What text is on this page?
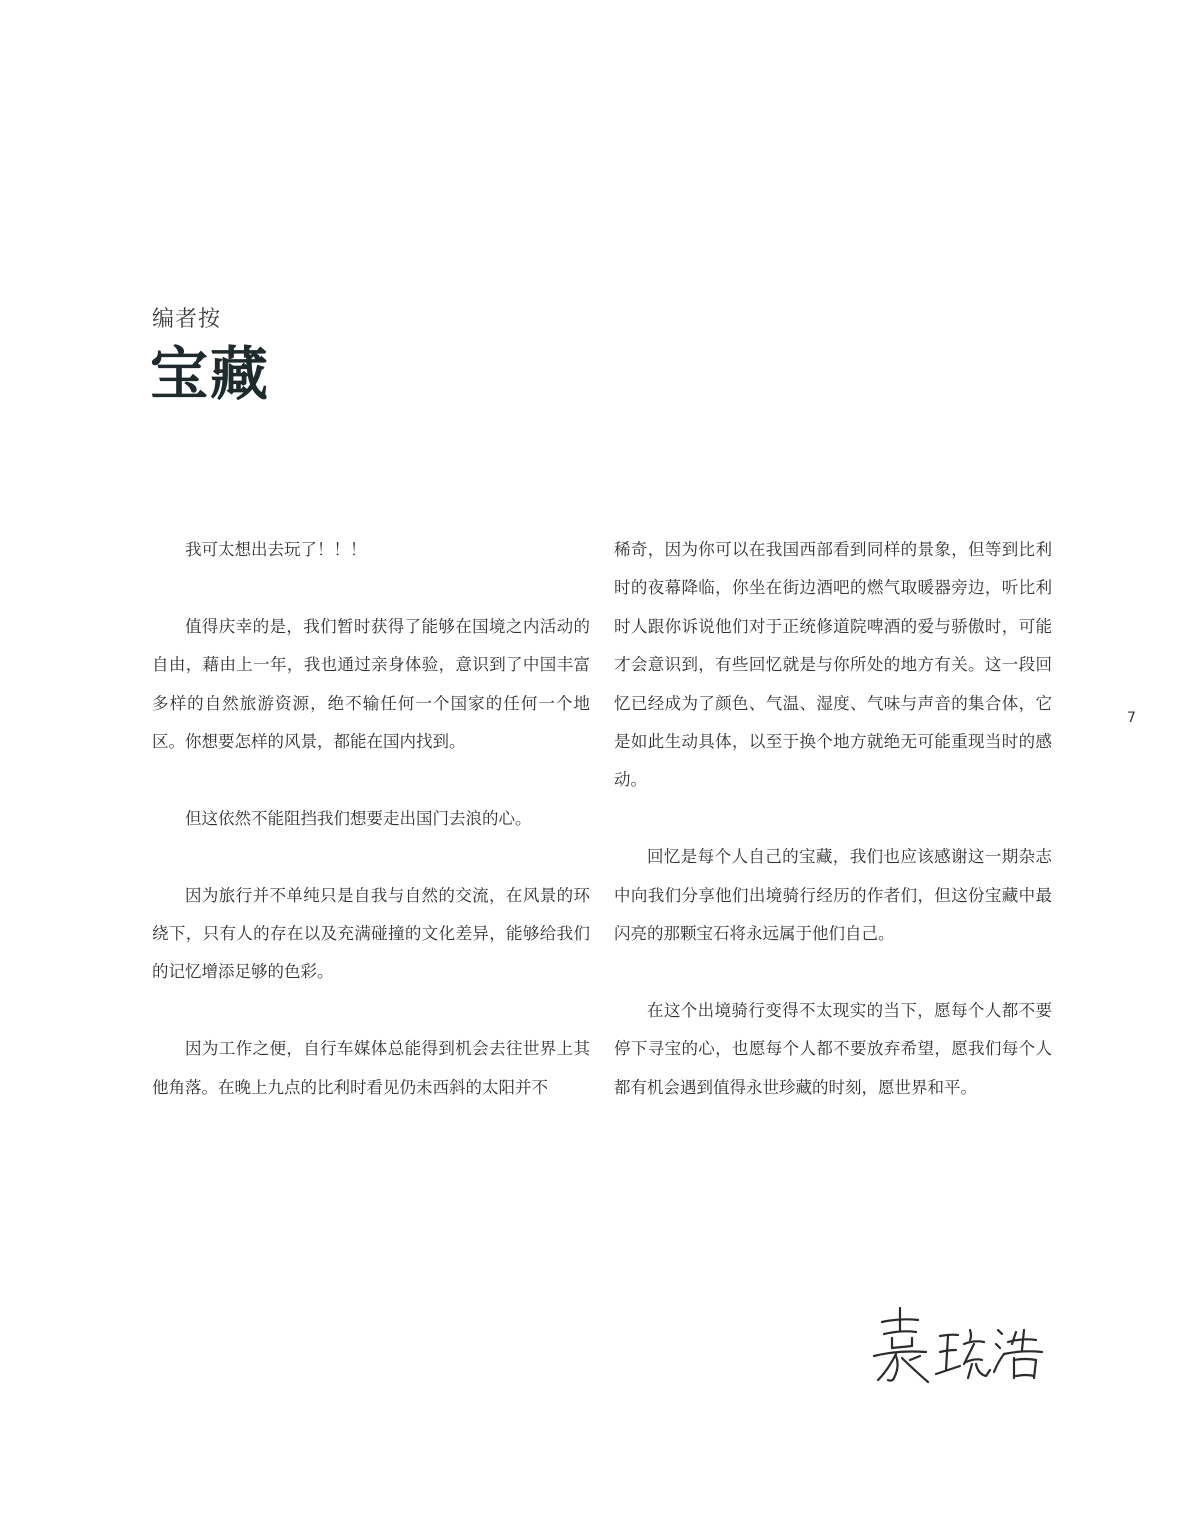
编者按
宝藏

我可太想出去玩了！！！

值得庆幸的是，我们暂时获得了能够在国境之内活动的自由，藉由上一年，我也通过亲身体验，意识到了中国丰富多样的自然旅游资源，绝不输任何一个国家的任何一个地区。你想要怎样的风景，都能在国内找到。

但这依然不能阻挡我们想要走出国门去浪的心。

因为旅行并不单纯只是自我与自然的交流，在风景的环绕下，只有人的存在以及充满碰撞的文化差异，能够给我们的记忆增添足够的色彩。

因为工作之便，自行车媒体总能得到机会去往世界上其他角落。在晚上九点的比利时看见仍未西斜的太阳并不

稀奇，因为你可以在我国西部看到同样的景象，但等到比利时的夜幕降临，你坐在街边酒吧的燃气取暖器旁边，听比利时人跟你诉说他们对于正统修道院啤酒的爱与骄傲时，可能才会意识到，有些回忆就是与你所处的地方有关。这一段回忆已经成为了颜色、气温、湿度、气味与声音的集合体，它是如此生动具体，以至于换个地方就绝无可能重现当时的感动。

回忆是每个人自己的宝藏，我们也应该感谢这一期杂志中向我们分享他们出境骑行经历的作者们，但这份宝藏中最闪亮的那颗宝石将永远属于他们自己。

在这个出境骑行变得不太现实的当下，愿每个人都不要停下寻宝的心，也愿每个人都不要放弃希望，愿我们每个人都有机会遇到值得永世珍藏的时刻，愿世界和平。

7
